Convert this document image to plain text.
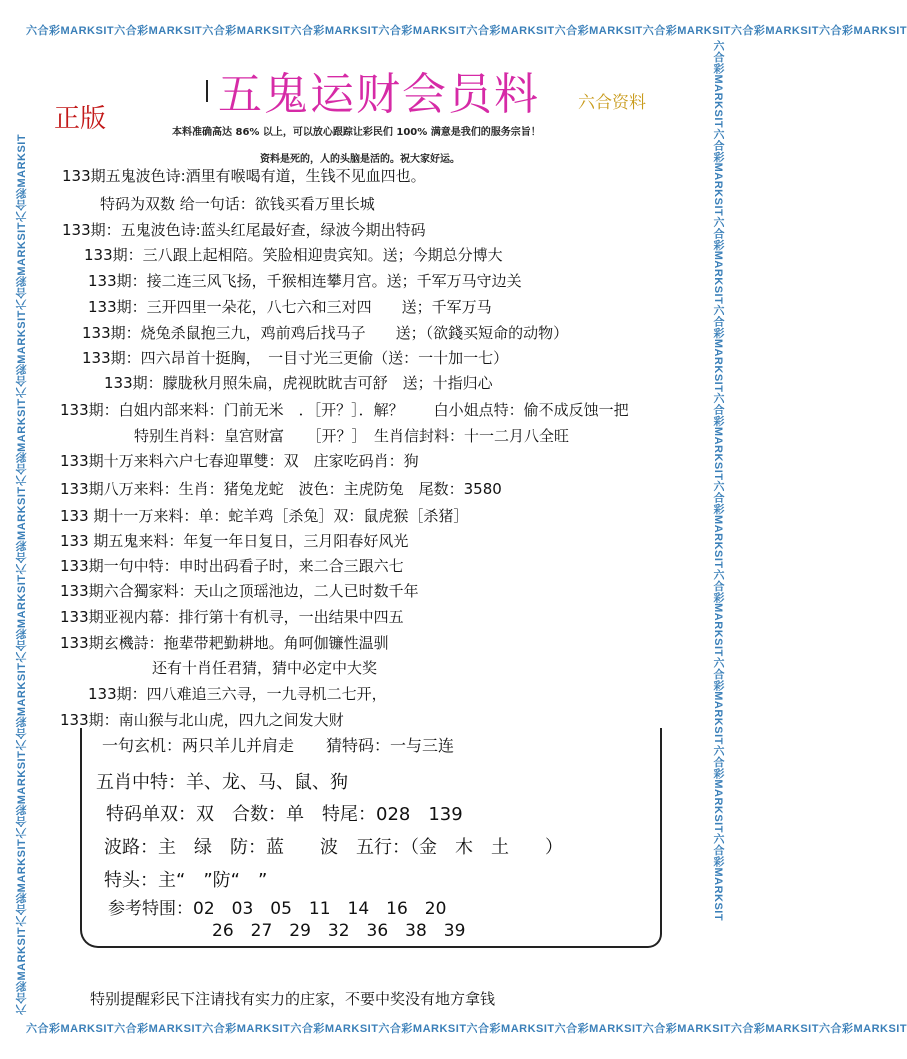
六合彩MARKSIT六合彩MARKSIT六合彩MARKSIT六合彩MARKSIT六合彩MARKSIT六合彩MARKSIT六合彩MARKSIT六合彩MARKSIT六合彩MARKSIT六合彩MARKSIT
六合彩MARKSIT六合彩MARKSIT六合彩MARKSIT六合彩MARKSIT六合彩MARKSIT六合彩MARKSIT六合彩MARKSIT六合彩MARKSIT六合彩MARKSIT六合彩MARKSIT
六合彩MARKSIT六合彩MARKSIT六合彩MARKSIT六合彩MARKSIT六合彩MARKSIT六合彩MARKSIT六合彩MARKSIT六合彩MARKSIT六合彩MARKSIT六合彩MARKSIT	六合彩MARKSIT六合彩MARKSIT六合彩MARKSIT六合彩MARKSIT六合彩MARKSIT六合彩MARKSIT六合彩MARKSIT六合彩MARKSIT六合彩MARKSIT六合彩MARKSIT
五鬼运财会员料
正版
六合资料
本料准确高达 86% 以上，可以放心跟踪让彩民们 100% 满意是我们的服务宗旨！
资料是死的，人的头脑是活的。祝大家好运。
133期五鬼波色诗:酒里有喉喝有道，生钱不见血四也。
特码为双数 给一句话：欲钱买看万里长城
133期：五鬼波色诗:蓝头红尾最好查，绿波今期出特码
133期：三八跟上起相陪。笑脸相迎贵宾知。送；今期总分博大
133期：接二连三风飞扬，千猴相连攀月宫。送；千军万马守边关
133期：三开四里一朵花，八七六和三对四　　送；千军万马
133期：烧兔杀鼠抱三九，鸡前鸡后找马子　　送；（欲錢买短命的动物）
133期：四六昂首十挺胸，　一目寸光三更偷（送：一十加一七）
133期：朦胧秋月照朱扁，虎视眈眈吉可舒　送；十指归心
133期：白姐内部来料：门前无米　．［开？］．解？　　白小姐点特：偷不成反蚀一把
特别生肖料：皇宫财富　　［开？］　生肖信封料：十一二月八全旺
133期十万来料六户七春迎單雙：双　庄家吃码肖：狗
133期八万来料：生肖：猪兔龙蛇　波色：主虎防兔　尾数：3580
133 期十一万来料：单：蛇羊鸡［杀兔］双：鼠虎猴［杀猪］
133 期五鬼来料：年复一年日复日，三月阳春好风光
133期一句中特：申时出码看子时，来二合三跟六七
133期六合獨家料：天山之顶瑶池边，二人已时数千年
133期亚视内幕：排行第十有机寻，一出结果中四五
133期玄機詩：拖辈带耙勤耕地。角呵伽镰性温驯
还有十肖任君猜，猜中必定中大奖
133期：四八难追三六寻，一九寻机二七开，
133期：南山猴与北山虎，四九之间发大财
一句玄机：两只羊儿并肩走　　猜特码：一与三连
五肖中特：羊、龙、马、鼠、狗
特码单双：双　合数：单　特尾：028　139
波路：主　绿　防：蓝　　波　五行：（金　木　土　　）
特头：主“　”防“　”
参考特围：02　03　05　11　14　16　20
26　27　29　32　36　38　39
特别提醒彩民下注请找有实力的庄家，不要中奖没有地方拿钱
